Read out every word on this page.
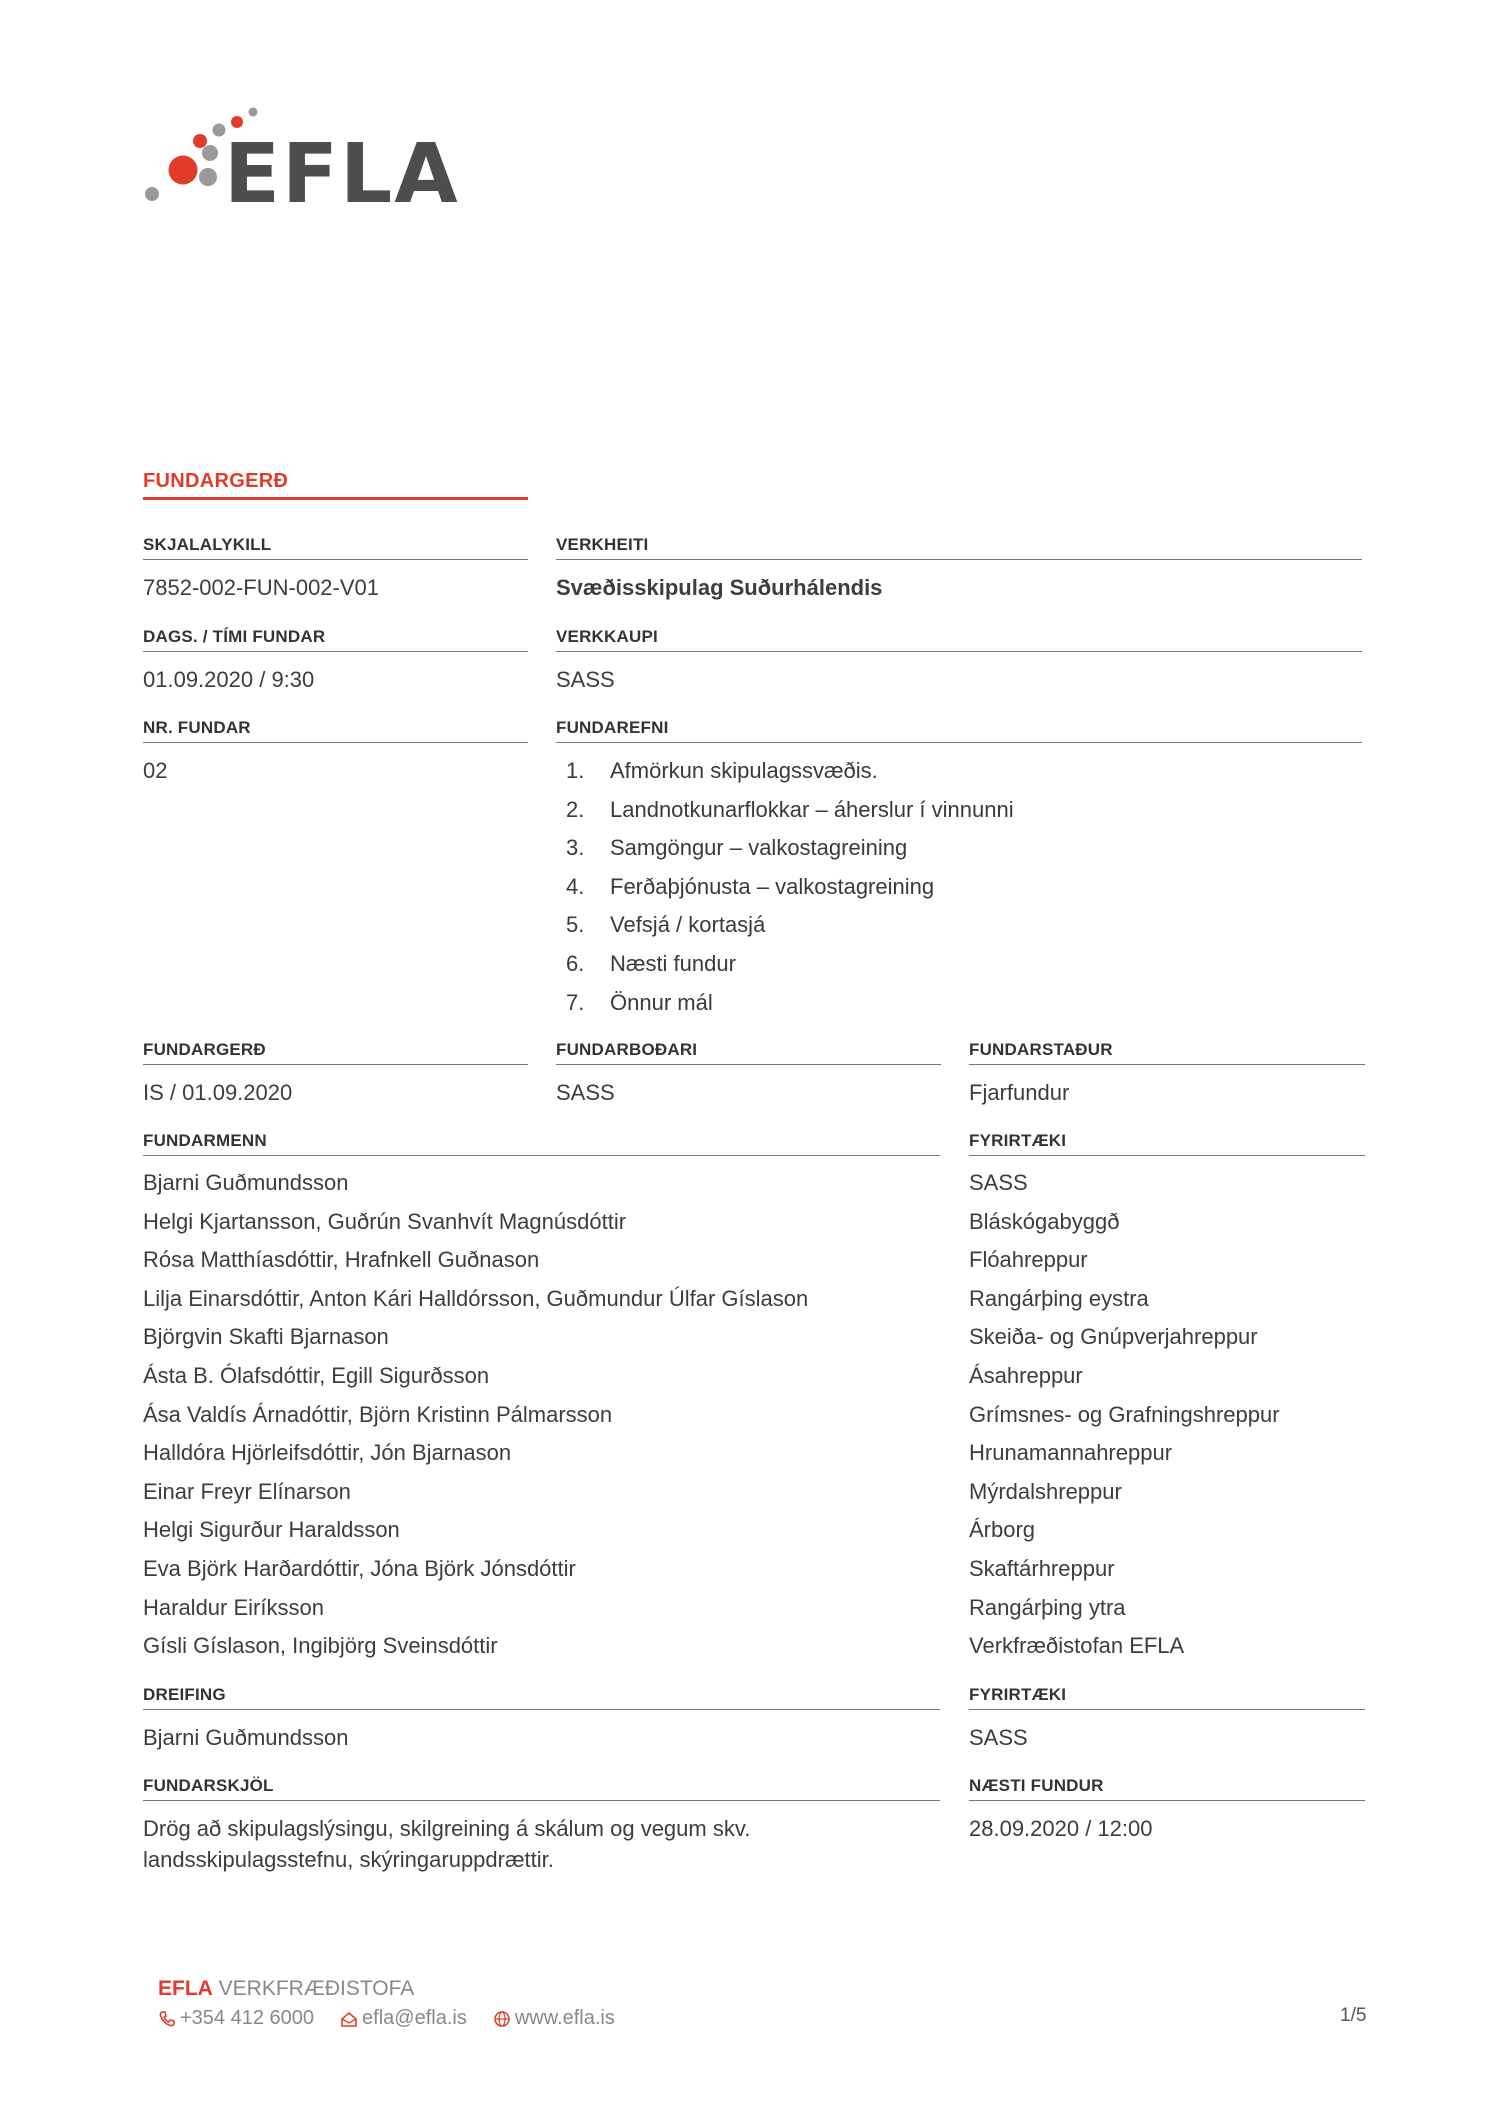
EFLA
FUNDARGERÐ
SKJALALYKILL
7852-002-FUN-002-V01
VERKHEITI
Svæðisskipulag Suðurhálendis
DAGS. / TÍMI FUNDAR
01.09.2020 / 9:30
VERKKAUPI
SASS
NR. FUNDAR
02
FUNDAREFNI
1. Afmörkun skipulagssvæðis.
2. Landnotkunarflokkar – áherslur í vinnunni
3. Samgöngur – valkostagreining
4. Ferðaþjónusta – valkostagreining
5. Vefsjá / kortasjá
6. Næsti fundur
7. Önnur mál
FUNDARGERÐ
IS / 01.09.2020
FUNDARBOÐARI
SASS
FUNDARSTAÐUR
Fjarfundur
FUNDARMENN	FYRIRTÆKI
Bjarni Guðmundsson
Helgi Kjartansson, Guðrún Svanhvít Magnúsdóttir
Rósa Matthíasdóttir, Hrafnkell Guðnason
Lilja Einarsdóttir, Anton Kári Halldórsson, Guðmundur Úlfar Gíslason
Björgvin Skafti Bjarnason
Ásta B. Ólafsdóttir, Egill Sigurðsson
Ása Valdís Árnadóttir, Björn Kristinn Pálmarsson
Halldóra Hjörleifsdóttir, Jón Bjarnason
Einar Freyr Elínarson
Helgi Sigurður Haraldsson
Eva Björk Harðardóttir, Jóna Björk Jónsdóttir
Haraldur Eiríksson
Gísli Gíslason, Ingibjörg Sveinsdóttir
SASS
Bláskógabyggð
Flóahreppur
Rangárþing eystra
Skeiða- og Gnúpverjahreppur
Ásahreppur
Grímsnes- og Grafningshreppur
Hrunamannahreppur
Mýrdalshreppur
Árborg
Skaftárhreppur
Rangárþing ytra
Verkfræðistofan EFLA
DREIFING
Bjarni Guðmundsson
FYRIRTÆKI
SASS
FUNDARSKJÖL
Drög að skipulagslýsingu, skilgreining á skálum og vegum skv.
landsskipulagsstefnu, skýringaruppdrættir.
NÆSTI FUNDUR
28.09.2020 / 12:00
EFLA VERKFRÆÐISTOFA
+354 412 6000 efla@efla.is www.efla.is	1/5
